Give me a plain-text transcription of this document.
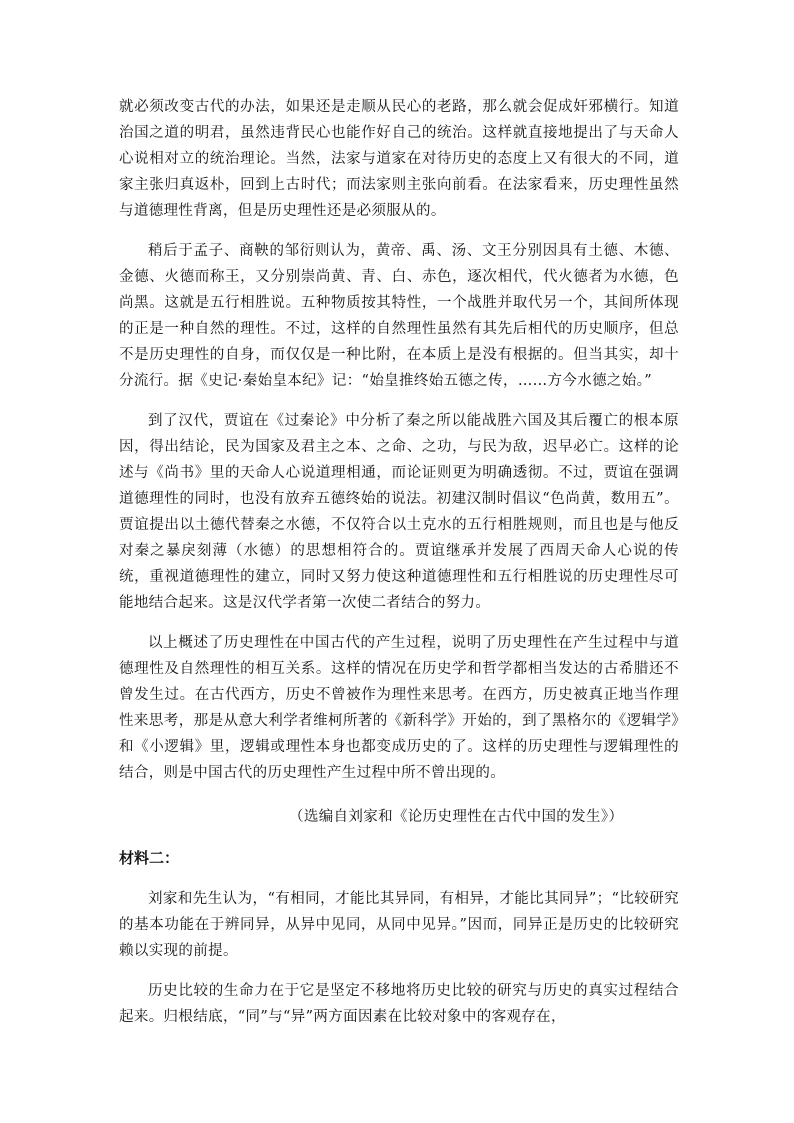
就必须改变古代的办法，如果还是走顺从民心的老路，那么就会促成奸邪横行。知道治国之道的明君，虽然违背民心也能作好自己的统治。这样就直接地提出了与天命人心说相对立的统治理论。当然，法家与道家在对待历史的态度上又有很大的不同，道家主张归真返朴，回到上古时代；而法家则主张向前看。在法家看来，历史理性虽然与道德理性背离，但是历史理性还是必须服从的。

稍后于孟子、商鞅的邹衍则认为，黄帝、禹、汤、文王分别因具有土德、木德、金德、火德而称王，又分别崇尚黄、青、白、赤色，逐次相代，代火德者为水德，色尚黑。这就是五行相胜说。五种物质按其特性，一个战胜并取代另一个，其间所体现的正是一种自然的理性。不过，这样的自然理性虽然有其先后相代的历史顺序，但总不是历史理性的自身，而仅仅是一种比附，在本质上是没有根据的。但当其实，却十分流行。据《史记·秦始皇本纪》记：“始皇推终始五德之传，……方今水德之始。”

到了汉代，贾谊在《过秦论》中分析了秦之所以能战胜六国及其后覆亡的根本原因，得出结论，民为国家及君主之本、之命、之功，与民为敌，迟早必亡。这样的论述与《尚书》里的天命人心说道理相通，而论证则更为明确透彻。不过，贾谊在强调道德理性的同时，也没有放弃五德终始的说法。初建汉制时倡议“色尚黄，数用五”。贾谊提出以土德代替秦之水德，不仅符合以土克水的五行相胜规则，而且也是与他反对秦之暴戾刻薄（水德）的思想相符合的。贾谊继承并发展了西周天命人心说的传统，重视道德理性的建立，同时又努力使这种道德理性和五行相胜说的历史理性尽可能地结合起来。这是汉代学者第一次使二者结合的努力。

以上概述了历史理性在中国古代的产生过程，说明了历史理性在产生过程中与道德理性及自然理性的相互关系。这样的情况在历史学和哲学都相当发达的古希腊还不曾发生过。在古代西方，历史不曾被作为理性来思考。在西方，历史被真正地当作理性来思考，那是从意大利学者维柯所著的《新科学》开始的，到了黑格尔的《逻辑学》和《小逻辑》里，逻辑或理性本身也都变成历史的了。这样的历史理性与逻辑理性的结合，则是中国古代的历史理性产生过程中所不曾出现的。

（选编自刘家和《论历史理性在古代中国的发生》）

材料二：

刘家和先生认为，“有相同，才能比其异同，有相异，才能比其同异”；“比较研究的基本功能在于辨同异，从异中见同，从同中见异。”因而，同异正是历史的比较研究赖以实现的前提。

历史比较的生命力在于它是坚定不移地将历史比较的研究与历史的真实过程结合起来。归根结底，“同”与“异”两方面因素在比较对象中的客观存在，
